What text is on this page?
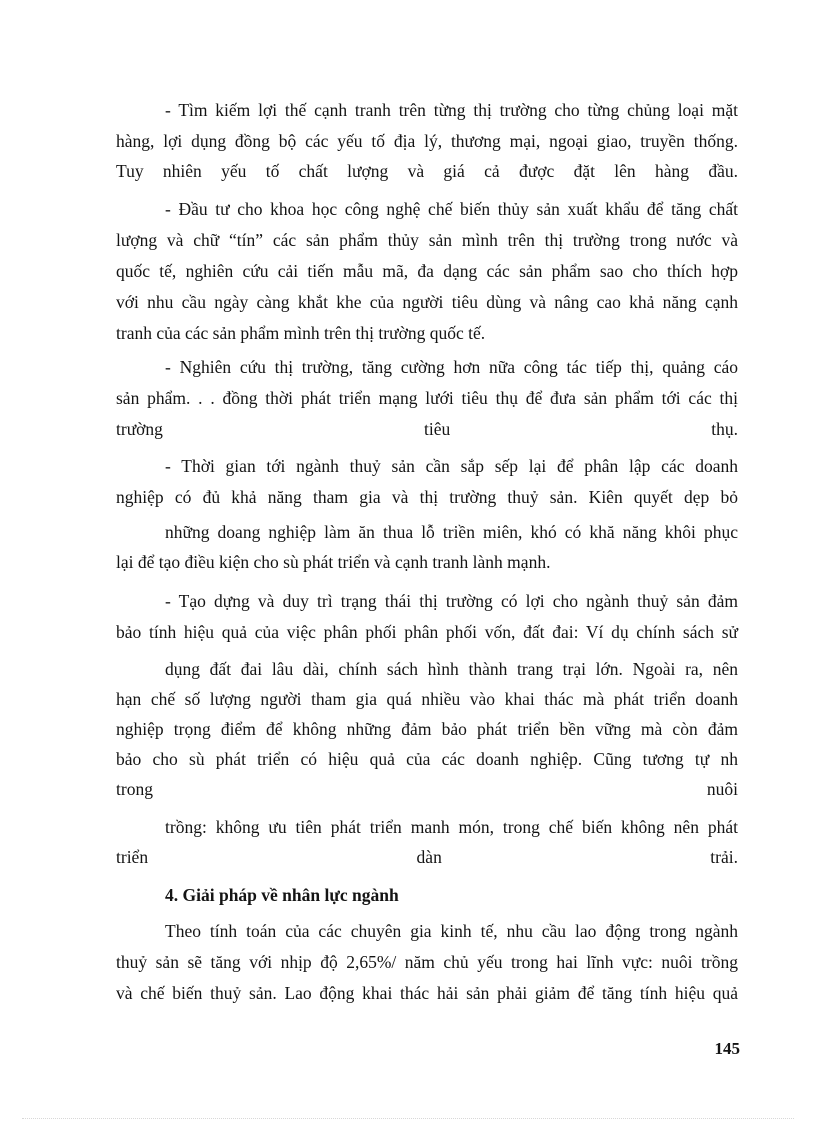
- Tìm kiếm lợi thế cạnh tranh trên từng thị trường cho từng chủng loại mặt
hàng, lợi dụng đồng bộ các yếu tố địa lý, thương mại, ngoại giao, truyền thống.
Tuy nhiên yếu tố chất lượng và giá cả được đặt lên hàng đầu.
- Đầu tư cho khoa học công nghệ chế biến thủy sản xuất khẩu để tăng chất
lượng và chữ “tín” các sản phẩm thủy sản mình trên thị trường trong nước và
quốc tế, nghiên cứu cải tiến mẫu mã, đa dạng các sản phẩm sao cho thích hợp
với nhu cầu ngày càng khắt khe của người tiêu dùng và nâng cao khả năng cạnh
tranh của các sản phẩm mình trên thị trường quốc tế.
- Nghiên cứu thị trường, tăng cường hơn nữa công tác tiếp thị, quảng cáo
sản phẩm. . . đồng thời phát triển mạng lưới tiêu thụ để đưa sản phẩm tới các thị
trường tiêu thụ.
- Thời gian tới ngành thuỷ sản cần sắp sếp lại để phân lập các doanh
nghiệp có đủ khả năng tham gia và thị trường thuỷ sản. Kiên quyết dẹp bỏ
những doang nghiệp làm ăn thua lỗ triền miên, khó có khă năng khôi phục
lại để tạo điều kiện cho sù phát triển và cạnh tranh lành mạnh.
- Tạo dựng và duy trì trạng thái thị trường có lợi cho ngành thuỷ sản đảm
bảo tính hiệu quả của việc phân phối phân phối vốn, đất đai: Ví dụ chính sách sử
dụng đất đai lâu dài, chính sách hình thành trang trại lớn. Ngoài ra, nên
hạn chế số lượng người tham gia quá nhiều vào khai thác mà phát triển doanh
nghiệp trọng điểm để không những đảm bảo phát triển bền vững mà còn đảm
bảo cho sù phát triển có hiệu quả của các doanh nghiệp. Cũng tương tự nh
trong nuôi
trồng: không ưu tiên phát triển manh món, trong chế biến không nên phát
triển dàn trải.
4. Giải pháp về nhân lực ngành
Theo tính toán của các chuyên gia kinh tế, nhu cầu lao động trong ngành
thuỷ sản sẽ tăng với nhịp độ 2,65%/ năm chủ yếu trong hai lĩnh vực: nuôi trồng
và chế biến thuỷ sản. Lao động khai thác hải sản phải giảm để tăng tính hiệu quả
145
